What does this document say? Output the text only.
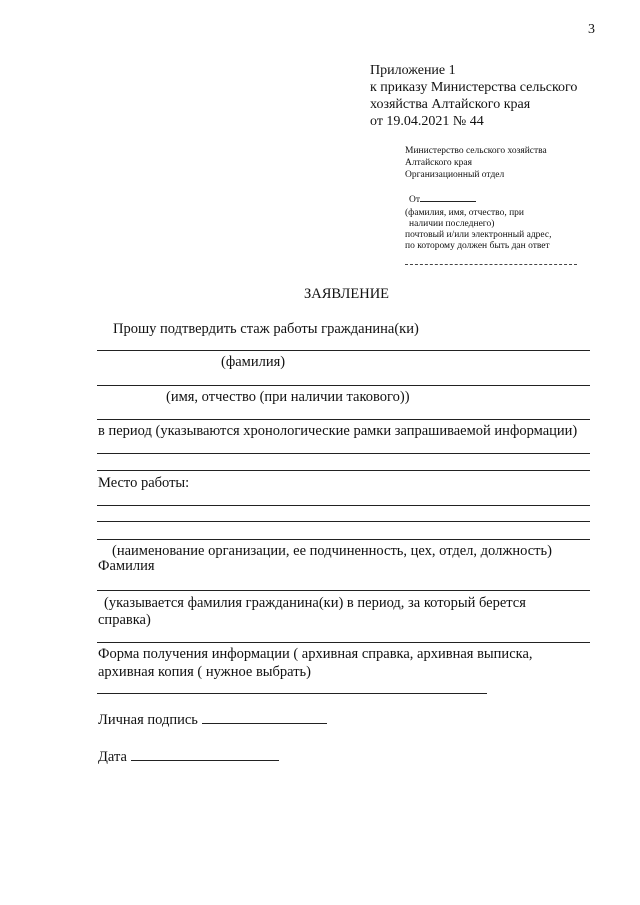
3
Приложение 1
к приказу Министерства сельского
хозяйства Алтайского края
от 19.04.2021 № 44
Министерство сельского хозяйства
Алтайского края
Организационный отдел
От
(фамилия, имя, отчество, при
наличии последнего)
почтовый и/или электронный адрес,
по которому должен быть дан ответ
ЗАЯВЛЕНИЕ
Прошу подтвердить стаж работы гражданина(ки)
(фамилия)
(имя, отчество (при наличии такового))
в период (указываются хронологические рамки запрашиваемой информации)
Место работы:
(наименование организации, ее подчиненность, цех, отдел, должность)
Фамилия
(указывается фамилия гражданина(ки) в период, за который берется
справка)
Форма получения информации ( архивная справка, архивная выписка,
архивная копия ( нужное выбрать)
Личная подпись
Дата
